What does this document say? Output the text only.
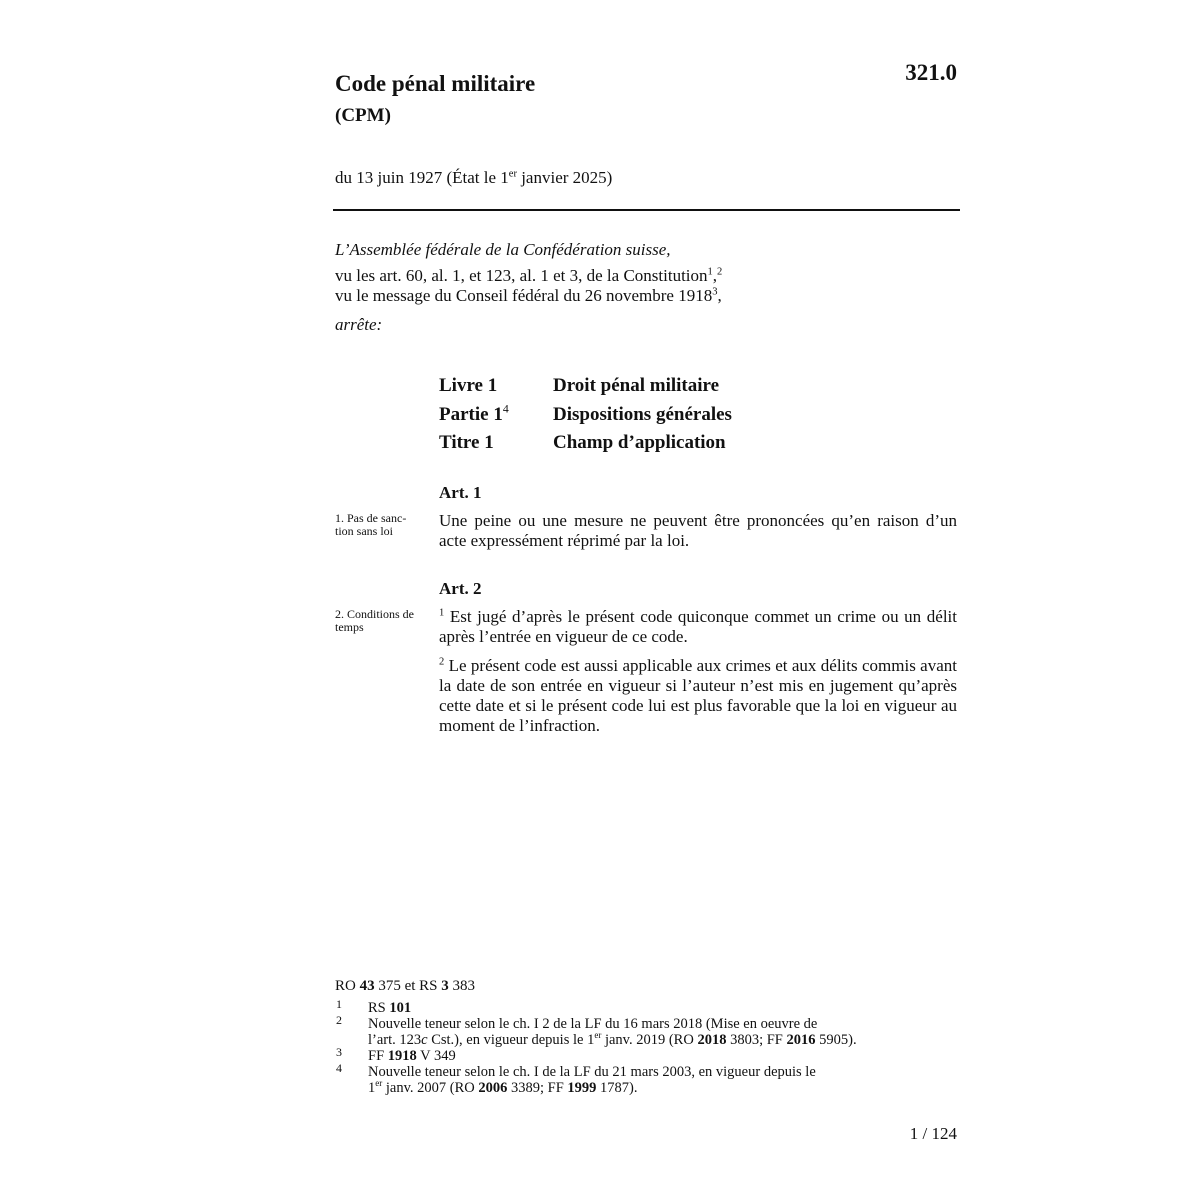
Code pénal militaire
(CPM)
321.0
du 13 juin 1927 (État le 1er janvier 2025)
L’Assemblée fédérale de la Confédération suisse,
vu les art. 60, al. 1, et 123, al. 1 et 3, de la Constitution$^1$,$^2$
vu le message du Conseil fédéral du 26 novembre 1918$^3$,
arrête:
Livre 1	Droit pénal militaire
Partie $1^4$ Dispositions générales
Titre 1	Champ d’application
Art. 1
1. Pas de sanc-
tion sans loi
Une peine ou une mesure ne peuvent être prononcées qu’en raison d’un acte expressément réprimé par la loi.
Art. 2
2. Conditions de
temps
$^1$ Est jugé d’après le présent code quiconque commet un crime ou un délit après l’entrée en vigueur de ce code.
$^2$ Le présent code est aussi applicable aux crimes et aux délits commis avant la date de son entrée en vigueur si l’auteur n’est mis en jugement qu’après cette date et si le présent code lui est plus favorable que la loi en vigueur au moment de l’infraction.
RO 43 375 et RS 3 383
1 RS 101
2 Nouvelle teneur selon le ch. I 2 de la LF du 16 mars 2018 (Mise en oeuvre de
l’art. 123c Cst.), en vigueur depuis le 1er janv. 2019 (RO 2018 3803; FF 2016 5905).
3 FF 1918 V 349
4 Nouvelle teneur selon le ch. I de la LF du 21 mars 2003, en vigueur depuis le
1er janv. 2007 (RO 2006 3389; FF 1999 1787).
1 / 124
